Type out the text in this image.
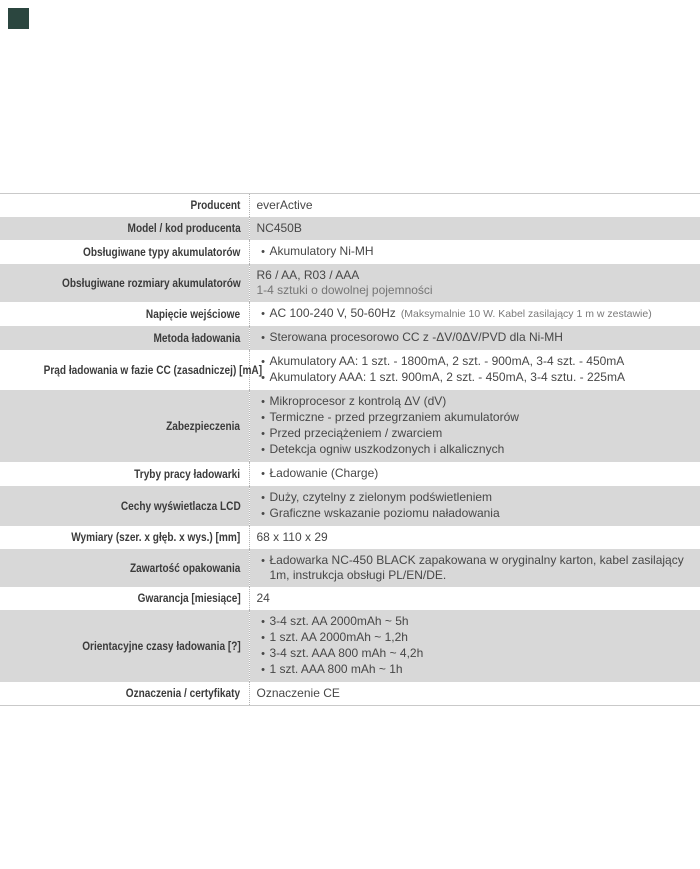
Producent	everActive

Model / kod producenta	NC450B

Obsługiwane typy akumulatorów	• Akumulatory Ni-MH

Obsługiwane rozmiary akumulatorów	R6 / AA, R03 / AAA
1-4 sztuki o dowolnej pojemności

Napięcie wejściowe	• AC 100-240 V, 50-60Hz (Maksymalnie 10 W. Kabel zasilający 1 m w zestawie)

Metoda ładowania	• Sterowana procesorowo CC z -ΔV/0ΔV/PVD dla Ni-MH

Prąd ładowania w fazie CC (zasadniczej) [mA]	• Akumulatory AA: 1 szt. - 1800mA, 2 szt. - 900mA, 3-4 szt. - 450mA
• Akumulatory AAA: 1 szt. 900mA, 2 szt. - 450mA, 3-4 sztu. - 225mA

Zabezpieczenia	
• Mikroprocesor z kontrolą ΔV (dV)
• Termiczne - przed przegrzaniem akumulatorów
• Przed przeciążeniem / zwarciem
• Detekcja ogniw uszkodzonych i alkalicznych

Tryby pracy ładowarki	• Ładowanie (Charge)

Cechy wyświetlacza LCD	• Duży, czytelny z zielonym podświetleniem
• Graficzne wskazanie poziomu naładowania

Wymiary (szer. x głęb. x wys.) [mm]	68 x 110 x 29

Zawartość opakowania	• Ładowarka NC-450 BLACK zapakowana w oryginalny karton, kabel zasilający 1m, instrukcja obsługi PL/EN/DE.

Gwarancja [miesiące]	24

Orientacyjne czasy ładowania [?]	
• 3-4 szt. AA 2000mAh ~ 5h
• 1 szt. AA 2000mAh ~ 1,2h
• 3-4 szt. AAA 800 mAh ~ 4,2h
• 1 szt. AAA 800 mAh ~ 1h

Oznaczenia / certyfikaty	Oznaczenie CE
